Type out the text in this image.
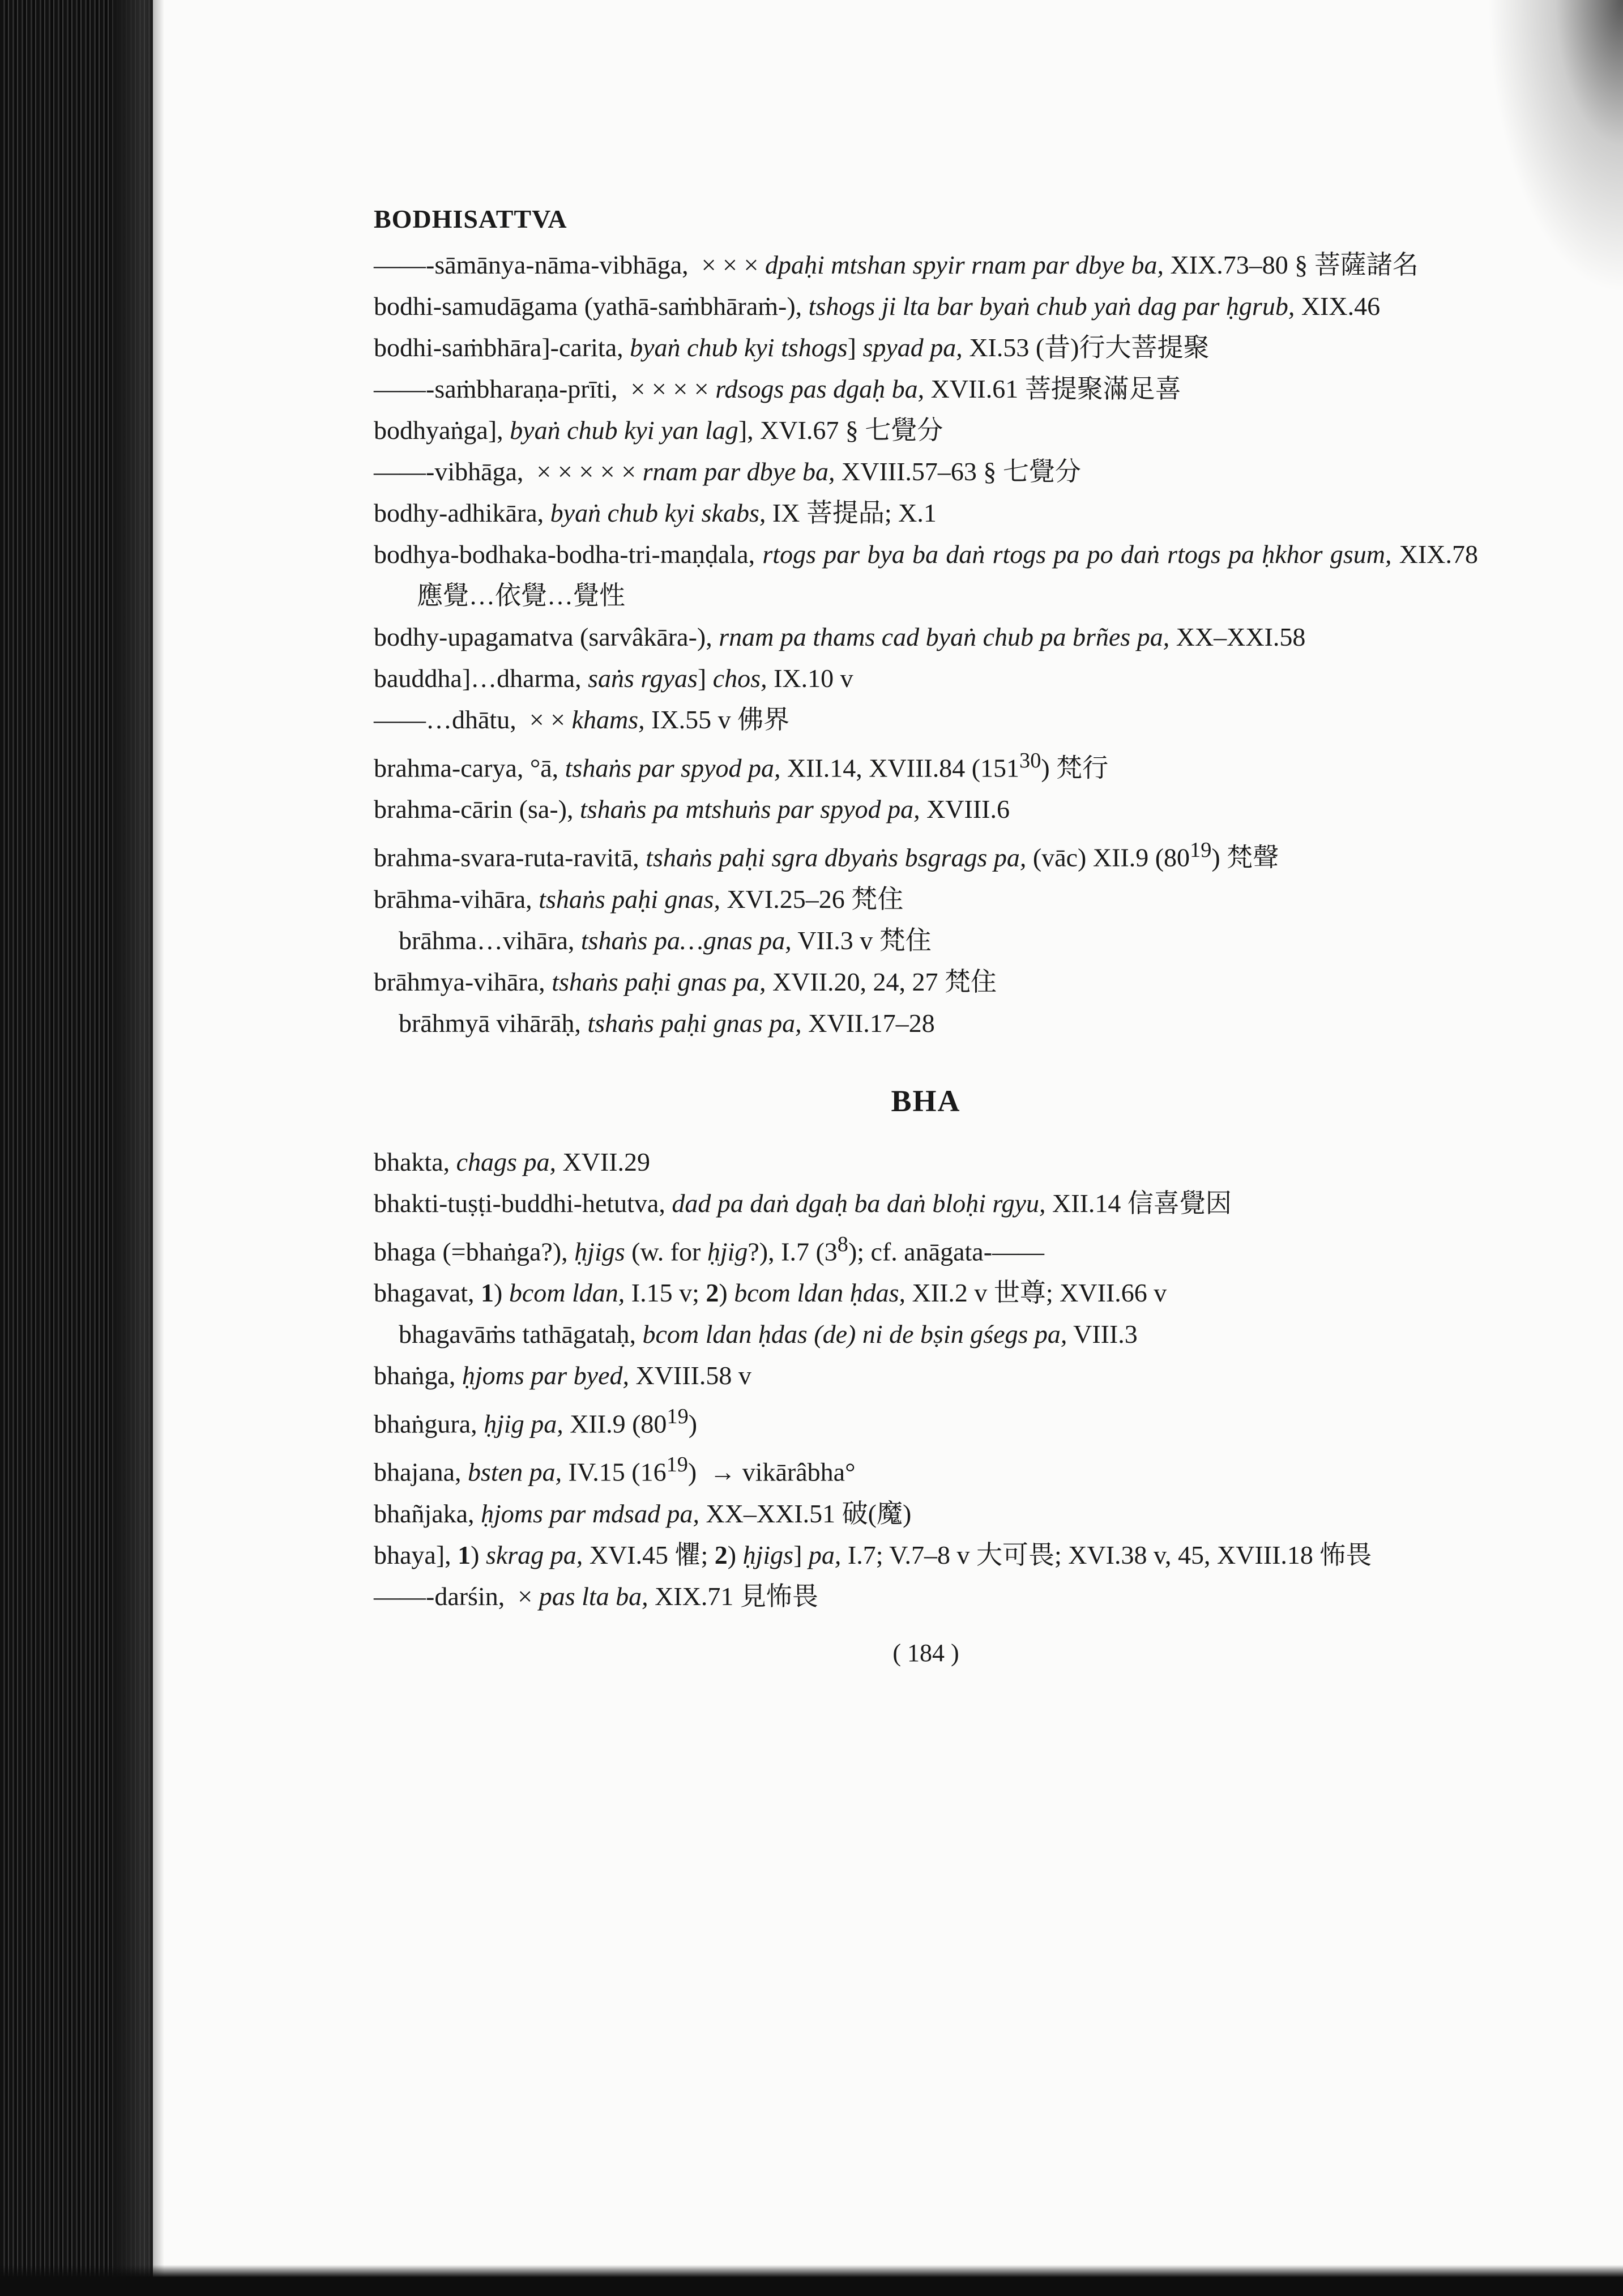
BODHISATTVA
——-sāmānya-nāma-vibhāga,  × × × dpaḥi mtshan spyir rnam par dbye ba, XIX.73–80 § 菩薩諸名
bodhi-samudāgama (yathā-saṁbhāraṁ-), tshogs ji lta bar byaṅ chub yaṅ dag par ḥgrub, XIX.46
bodhi-saṁbhāra]-carita, byaṅ chub kyi tshogs] spyad pa, XI.53 (昔)行大菩提聚
——-saṁbharaṇa-prīti,  × × × × rdsogs pas dgaḥ ba, XVII.61 菩提聚滿足喜
bodhyaṅga], byaṅ chub kyi yan lag], XVI.67 § 七覺分
——-vibhāga,  × × × × × rnam par dbye ba, XVIII.57–63 § 七覺分
bodhy-adhikāra, byaṅ chub kyi skabs, IX 菩提品; X.1
bodhya-bodhaka-bodha-tri-maṇḍala, rtogs par bya ba daṅ rtogs pa po daṅ rtogs pa ḥkhor gsum, XIX.78 應覺…依覺…覺性
bodhy-upagamatva (sarvâkāra-), rnam pa thams cad byaṅ chub pa brñes pa, XX–XXI.58
bauddha]…dharma, saṅs rgyas] chos, IX.10 v
——…dhātu,  × × khams, IX.55 v 佛界
brahma-carya, °ā, tshaṅs par spyod pa, XII.14, XVIII.84 $(151^{30})$ 梵行
brahma-cārin (sa-), tshaṅs pa mtshuṅs par spyod pa, XVIII.6
brahma-svara-ruta-ravitā, tshaṅs paḥi sgra dbyaṅs bsgrags pa, (vāc) XII.9 $(80^{19})$ 梵聲
brāhma-vihāra, tshaṅs paḥi gnas, XVI.25–26 梵住
brāhma…vihāra, tshaṅs pa…gnas pa, VII.3 v 梵住
brāhmya-vihāra, tshaṅs paḥi gnas pa, XVII.20, 24, 27 梵住
brāhmyā vihārāḥ, tshaṅs paḥi gnas pa, XVII.17–28
BHA
bhakta, chags pa, XVII.29
bhakti-tuṣṭi-buddhi-hetutva, dad pa daṅ dgaḥ ba daṅ bloḥi rgyu, XII.14 信喜覺因
bhaga (=bhaṅga?), ḥjigs (w. for ḥjig?), I.7 $(3^8)$; cf. anāgata-——
bhagavat, 1) bcom ldan, I.15 v; 2) bcom ldan ḥdas, XII.2 v 世尊; XVII.66 v
bhagavāṁs tathāgataḥ, bcom ldan ḥdas (de) ni de bṣin gśegs pa, VIII.3
bhaṅga, ḥjoms par byed, XVIII.58 v
bhaṅgura, ḥjig pa, XII.9 $(80^{19})$
bhajana, bsten pa, IV.15 $(16^{19})$  → vikārâbha°
bhañjaka, ḥjoms par mdsad pa, XX–XXI.51 破(魔)
bhaya], 1) skrag pa, XVI.45 懼; 2) ḥjigs] pa, I.7; V.7–8 v 大可畏; XVI.38 v, 45, XVIII.18 怖畏
——-darśin,  × pas lta ba, XIX.71 見怖畏
( 184 )
